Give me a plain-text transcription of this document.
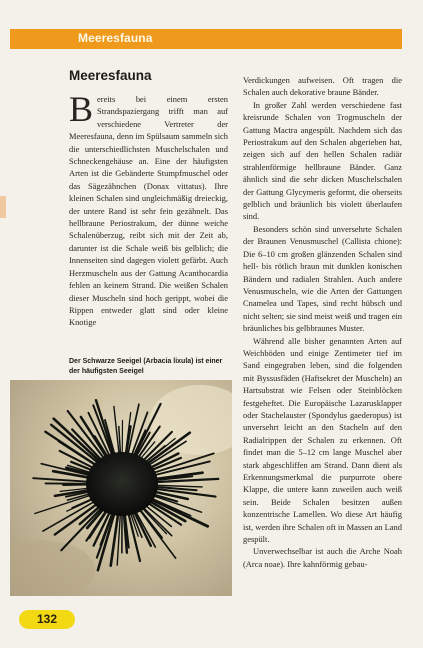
Meeresfauna
Meeresfauna

Bereits bei einem ersten Strandspaziergang trifft man auf verschiedene Vertreter der Meeresfauna, denn im Spülsaum sammeln sich die unterschiedlichsten Muschelschalen und Schneckengehäuse an. Eine der häufigsten Arten ist die Gebänderte Stumpfmuschel oder das Sägezähnchen (Donax vittatus). Ihre kleinen Schalen sind ungleichmäßig dreieckig, der untere Rand ist sehr fein gezähnelt. Das hellbraune Periostrakum, der dünne weiche Schalenüberzug, reibt sich mit der Zeit ab, darunter ist die Schale weiß bis gelblich; die Innenseiten sind dagegen violett gefärbt. Auch Herzmuscheln aus der Gattung Acanthocardia fehlen an keinem Strand. Die weißen Schalen dieser Muscheln sind hoch gerippt, wobei die Rippen entweder glatt sind oder kleine Knotige

Der Schwarze Seeigel (Arbacia lixula) ist einer der häufigsten Seeigel

Verdickungen aufweisen. Oft tragen die Schalen auch dekorative braune Bänder.

In großer Zahl werden verschiedene fast kreisrunde Schalen von Trogmuscheln der Gattung Mactra angespült. Nachdem sich das Periostrakum auf den Schalen abgerieben hat, zeigen sich auf den hellen Schalen radiär strahlenförmige hellbraune Bänder. Ganz ähnlich sind die sehr dicken Muschelschalen der Gattung Glycymeris geformt, die oberseits gelblich und bräunlich bis violett überlaufen sind.

Besonders schön sind unversehrte Schalen der Braunen Venusmuschel (Callista chione): Die 6–10 cm großen glänzenden Schalen sind hell- bis rötlich braun mit dunklen konischen Bändern und radialen Strahlen. Auch andere Venusmuscheln, wie die Arten der Gattungen Cnamelea und Tapes, sind recht hübsch und nicht selten; sie sind meist weiß und tragen ein bräunliches bis gelbbraunes Muster.

Während alle bisher genannten Arten auf Weichböden und einige Zentimeter tief im Sand eingegraben leben, sind die folgenden mit Byssusfäden (Haftsekret der Muscheln) an Hartsubstrat wie Felsen oder Steinblöcken festgeheftet. Die Europäische Lazarusklapper oder Stachelauster (Spondylus gaederopus) ist unversehrt leicht an den Stacheln auf den Radialrippen der Schalen zu erkennen. Oft findet man die 5–12 cm lange Muschel aber stark abgeschliffen am Strand. Dann dient als Erkennungsmerkmal die purpurrote obere Klappe, die untere kann zuweilen auch weiß sein. Beide Schalen besitzen außen konzentrische Lamellen. Wo diese Art häufig ist, werden ihre Schalen oft in Massen an Land gespült.

Unverwechselbar ist auch die Arche Noah (Arca noae). Ihre kahnförmig gebau-

132
